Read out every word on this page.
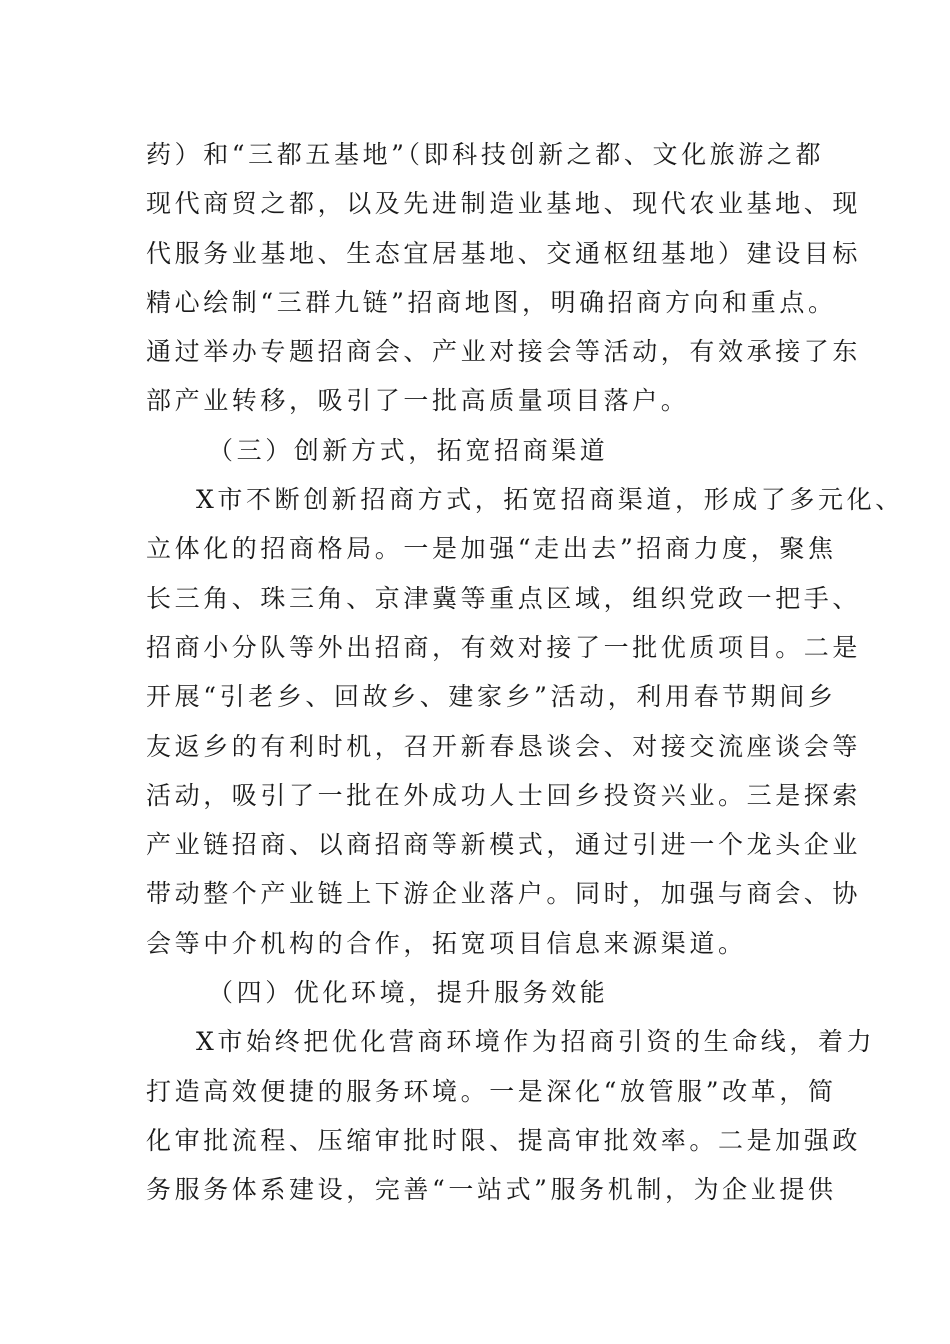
药）和“三都五基地”（即科技创新之都、文化旅游之都
现代商贸之都，以及先进制造业基地、现代农业基地、现
代服务业基地、生态宜居基地、交通枢纽基地）建设目标
精心绘制“三群九链”招商地图，明确招商方向和重点。
通过举办专题招商会、产业对接会等活动，有效承接了东
部产业转移，吸引了一批高质量项目落户。
（三）创新方式，拓宽招商渠道
X市不断创新招商方式，拓宽招商渠道，形成了多元化、
立体化的招商格局。一是加强“走出去”招商力度，聚焦
长三角、珠三角、京津冀等重点区域，组织党政一把手、
招商小分队等外出招商，有效对接了一批优质项目。二是
开展“引老乡、回故乡、建家乡”活动，利用春节期间乡
友返乡的有利时机，召开新春恳谈会、对接交流座谈会等
活动，吸引了一批在外成功人士回乡投资兴业。三是探索
产业链招商、以商招商等新模式，通过引进一个龙头企业
带动整个产业链上下游企业落户。同时，加强与商会、协
会等中介机构的合作，拓宽项目信息来源渠道。
（四）优化环境，提升服务效能
X市始终把优化营商环境作为招商引资的生命线，着力
打造高效便捷的服务环境。一是深化“放管服”改革，简
化审批流程、压缩审批时限、提高审批效率。二是加强政
务服务体系建设，完善“一站式”服务机制，为企业提供
